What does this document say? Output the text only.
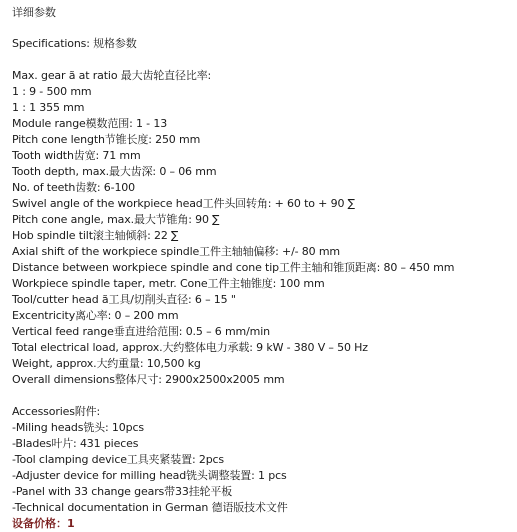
详细参数
Specifications: 规格参数
Max. gear ã at ratio 最大齿轮直径比率:
1 : 9 - 500 mm
1 : 1 355 mm
Module range模数范围: 1 - 13
Pitch cone length节锥长度: 250 mm
Tooth width齿宽: 71 mm
Tooth depth, max.最大齿深: 0 – 06 mm
No. of teeth齿数: 6-100
Swivel angle of the workpiece head工件头回转角: + 60 to + 90 ∑
Pitch cone angle, max.最大节锥角: 90 ∑
Hob spindle tilt滚主轴倾斜: 22 ∑
Axial shift of the workpiece spindle工件主轴轴偏移: +/- 80 mm
Distance between workpiece spindle and cone tip工件主轴和锥顶距离: 80 – 450 mm
Workpiece spindle taper, metr. Cone工件主轴锥度: 100 mm
Tool/cutter head ã工具/切削头直径: 6 – 15 "
Excentricity离心率: 0 – 200 mm
Vertical feed range垂直进给范围: 0.5 – 6 mm/min
Total electrical load, approx.大约整体电力承载: 9 kW - 380 V – 50 Hz
Weight, approx.大约重量: 10,500 kg
Overall dimensions整体尺寸: 2900x2500x2005 mm
Accessories附件:
-Miling heads铣头: 10pcs
-Blades叶片: 431 pieces
-Tool clamping device工具夹紧装置: 2pcs
-Adjuster device for milling head铣头调整装置: 1 pcs
-Panel with 33 change gears带33挂轮平板
-Technical documentation in German 德语版技术文件
设备价格：1
